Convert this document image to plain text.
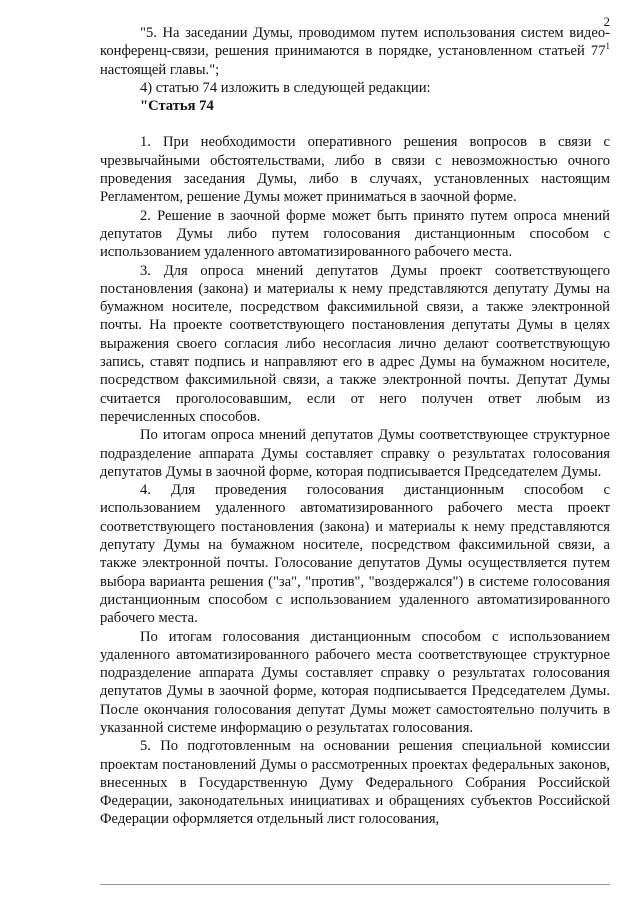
2

"5. На заседании Думы, проводимом путем использования систем видео-конференц-связи, решения принимаются в порядке, установленном статьей $77^1$ настоящей главы.";

4) статью 74 изложить в следующей редакции:

"Статья 74

1. При необходимости оперативного решения вопросов в связи с чрезвычайными обстоятельствами, либо в связи с невозможностью очного проведения заседания Думы, либо в случаях, установленных настоящим Регламентом, решение Думы может приниматься в заочной форме.

2. Решение в заочной форме может быть принято путем опроса мнений депутатов Думы либо путем голосования дистанционным способом с использованием удаленного автоматизированного рабочего места.

3. Для опроса мнений депутатов Думы проект соответствующего постановления (закона) и материалы к нему представляются депутату Думы на бумажном носителе, посредством факсимильной связи, а также электронной почты. На проекте соответствующего постановления депутаты Думы в целях выражения своего согласия либо несогласия лично делают соответствующую запись, ставят подпись и направляют его в адрес Думы на бумажном носителе, посредством факсимильной связи, а также электронной почты. Депутат Думы считается проголосовавшим, если от него получен ответ любым из перечисленных способов.

По итогам опроса мнений депутатов Думы соответствующее структурное подразделение аппарата Думы составляет справку о результатах голосования депутатов Думы в заочной форме, которая подписывается Председателем Думы.

4. Для проведения голосования дистанционным способом с использованием удаленного автоматизированного рабочего места проект соответствующего постановления (закона) и материалы к нему представляются депутату Думы на бумажном носителе, посредством факсимильной связи, а также электронной почты. Голосование депутатов Думы осуществляется путем выбора варианта решения ("за", "против", "воздержался") в системе голосования дистанционным способом с использованием удаленного автоматизированного рабочего места.

По итогам голосования дистанционным способом с использованием удаленного автоматизированного рабочего места соответствующее структурное подразделение аппарата Думы составляет справку о результатах голосования депутатов Думы в заочной форме, которая подписывается Председателем Думы. После окончания голосования депутат Думы может самостоятельно получить в указанной системе информацию о результатах голосования.

5. По подготовленным на основании решения специальной комиссии проектам постановлений Думы о рассмотренных проектах федеральных законов, внесенных в Государственную Думу Федерального Собрания Российской Федерации, законодательных инициативах и обращениях субъектов Российской Федерации оформляется отдельный лист голосования,
